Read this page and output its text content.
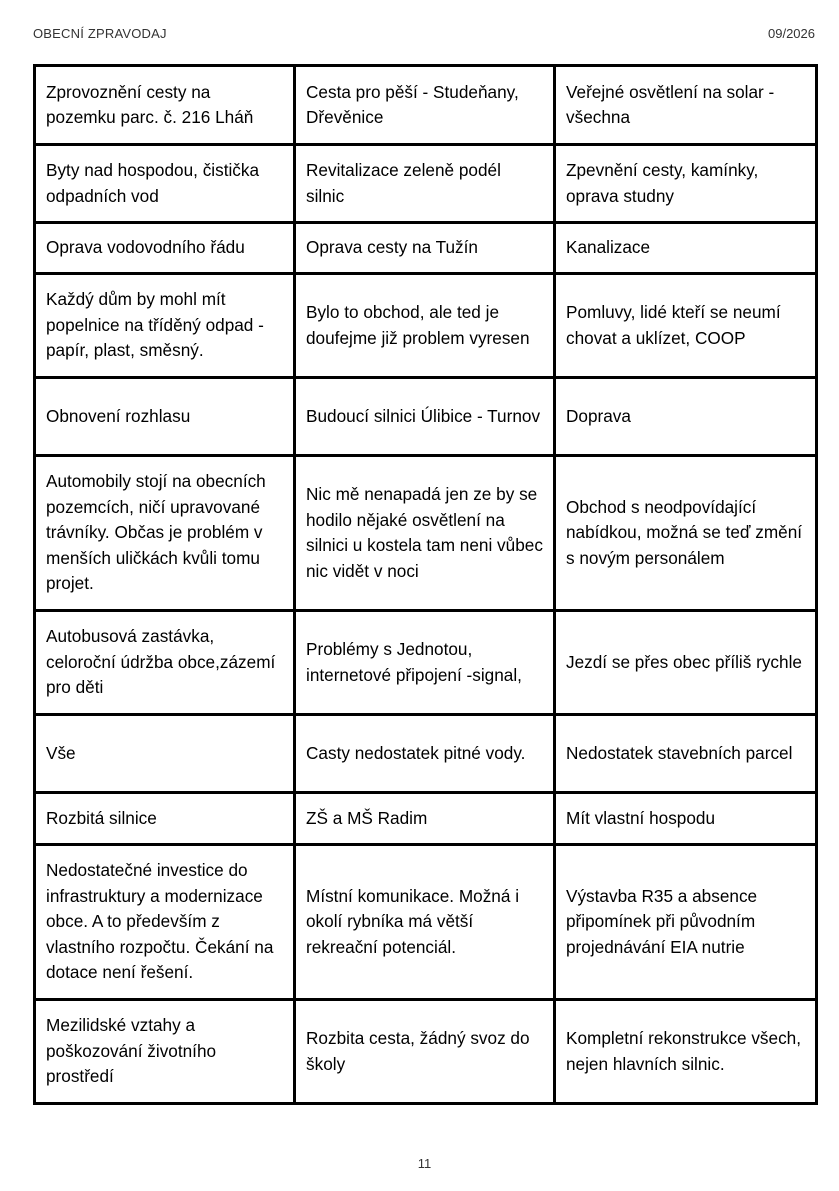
OBECNÍ ZPRAVODAJ	09/2026
Zprovoznění cesty na pozemku parc. č. 216 Lháň	Cesta pro pěší - Studeňany, Dřevěnice	Veřejné osvětlení na solar - všechna
Byty nad hospodou, čistička odpadních vod	Revitalizace zeleně podél silnic	Zpevnění cesty, kamínky, oprava studny
Oprava vodovodního řádu	Oprava cesty na Tužín	Kanalizace
Každý dům by mohl mít popelnice na tříděný odpad - papír, plast, směsný.	Bylo to obchod, ale ted je doufejme již problem vyresen	Pomluvy, lidé kteří se neumí chovat a uklízet, COOP
Obnovení rozhlasu	Budoucí silnici Úlibice - Turnov	Doprava
Automobily stojí na obecních pozemcích, ničí upravované trávníky. Občas je problém v menších uličkách kvůli tomu projet.	Nic mě nenapadá jen ze by se hodilo nějaké osvětlení na silnici u kostela tam neni vůbec nic vidět v noci	Obchod s neodpovídající nabídkou, možná se teď změní s novým personálem
Autobusová zastávka, celoroční údržba obce,zázemí pro děti	Problémy s Jednotou, internetové připojení -signal,	Jezdí se přes obec příliš rychle
Vše	Casty nedostatek pitné vody.	Nedostatek stavebních parcel
Rozbitá silnice	ZŠ a MŠ Radim	Mít vlastní hospodu
Nedostatečné investice do infrastruktury a modernizace obce. A to především z vlastního rozpočtu. Čekání na dotace není řešení.	Místní komunikace. Možná i okolí rybníka má větší rekreační potenciál.	Výstavba R35 a absence připomínek při původním projednávání EIA nutrie
Mezilidské vztahy a poškozování životního prostředí	Rozbita cesta, žádný svoz do školy	Kompletní rekonstrukce všech, nejen hlavních silnic.
11
